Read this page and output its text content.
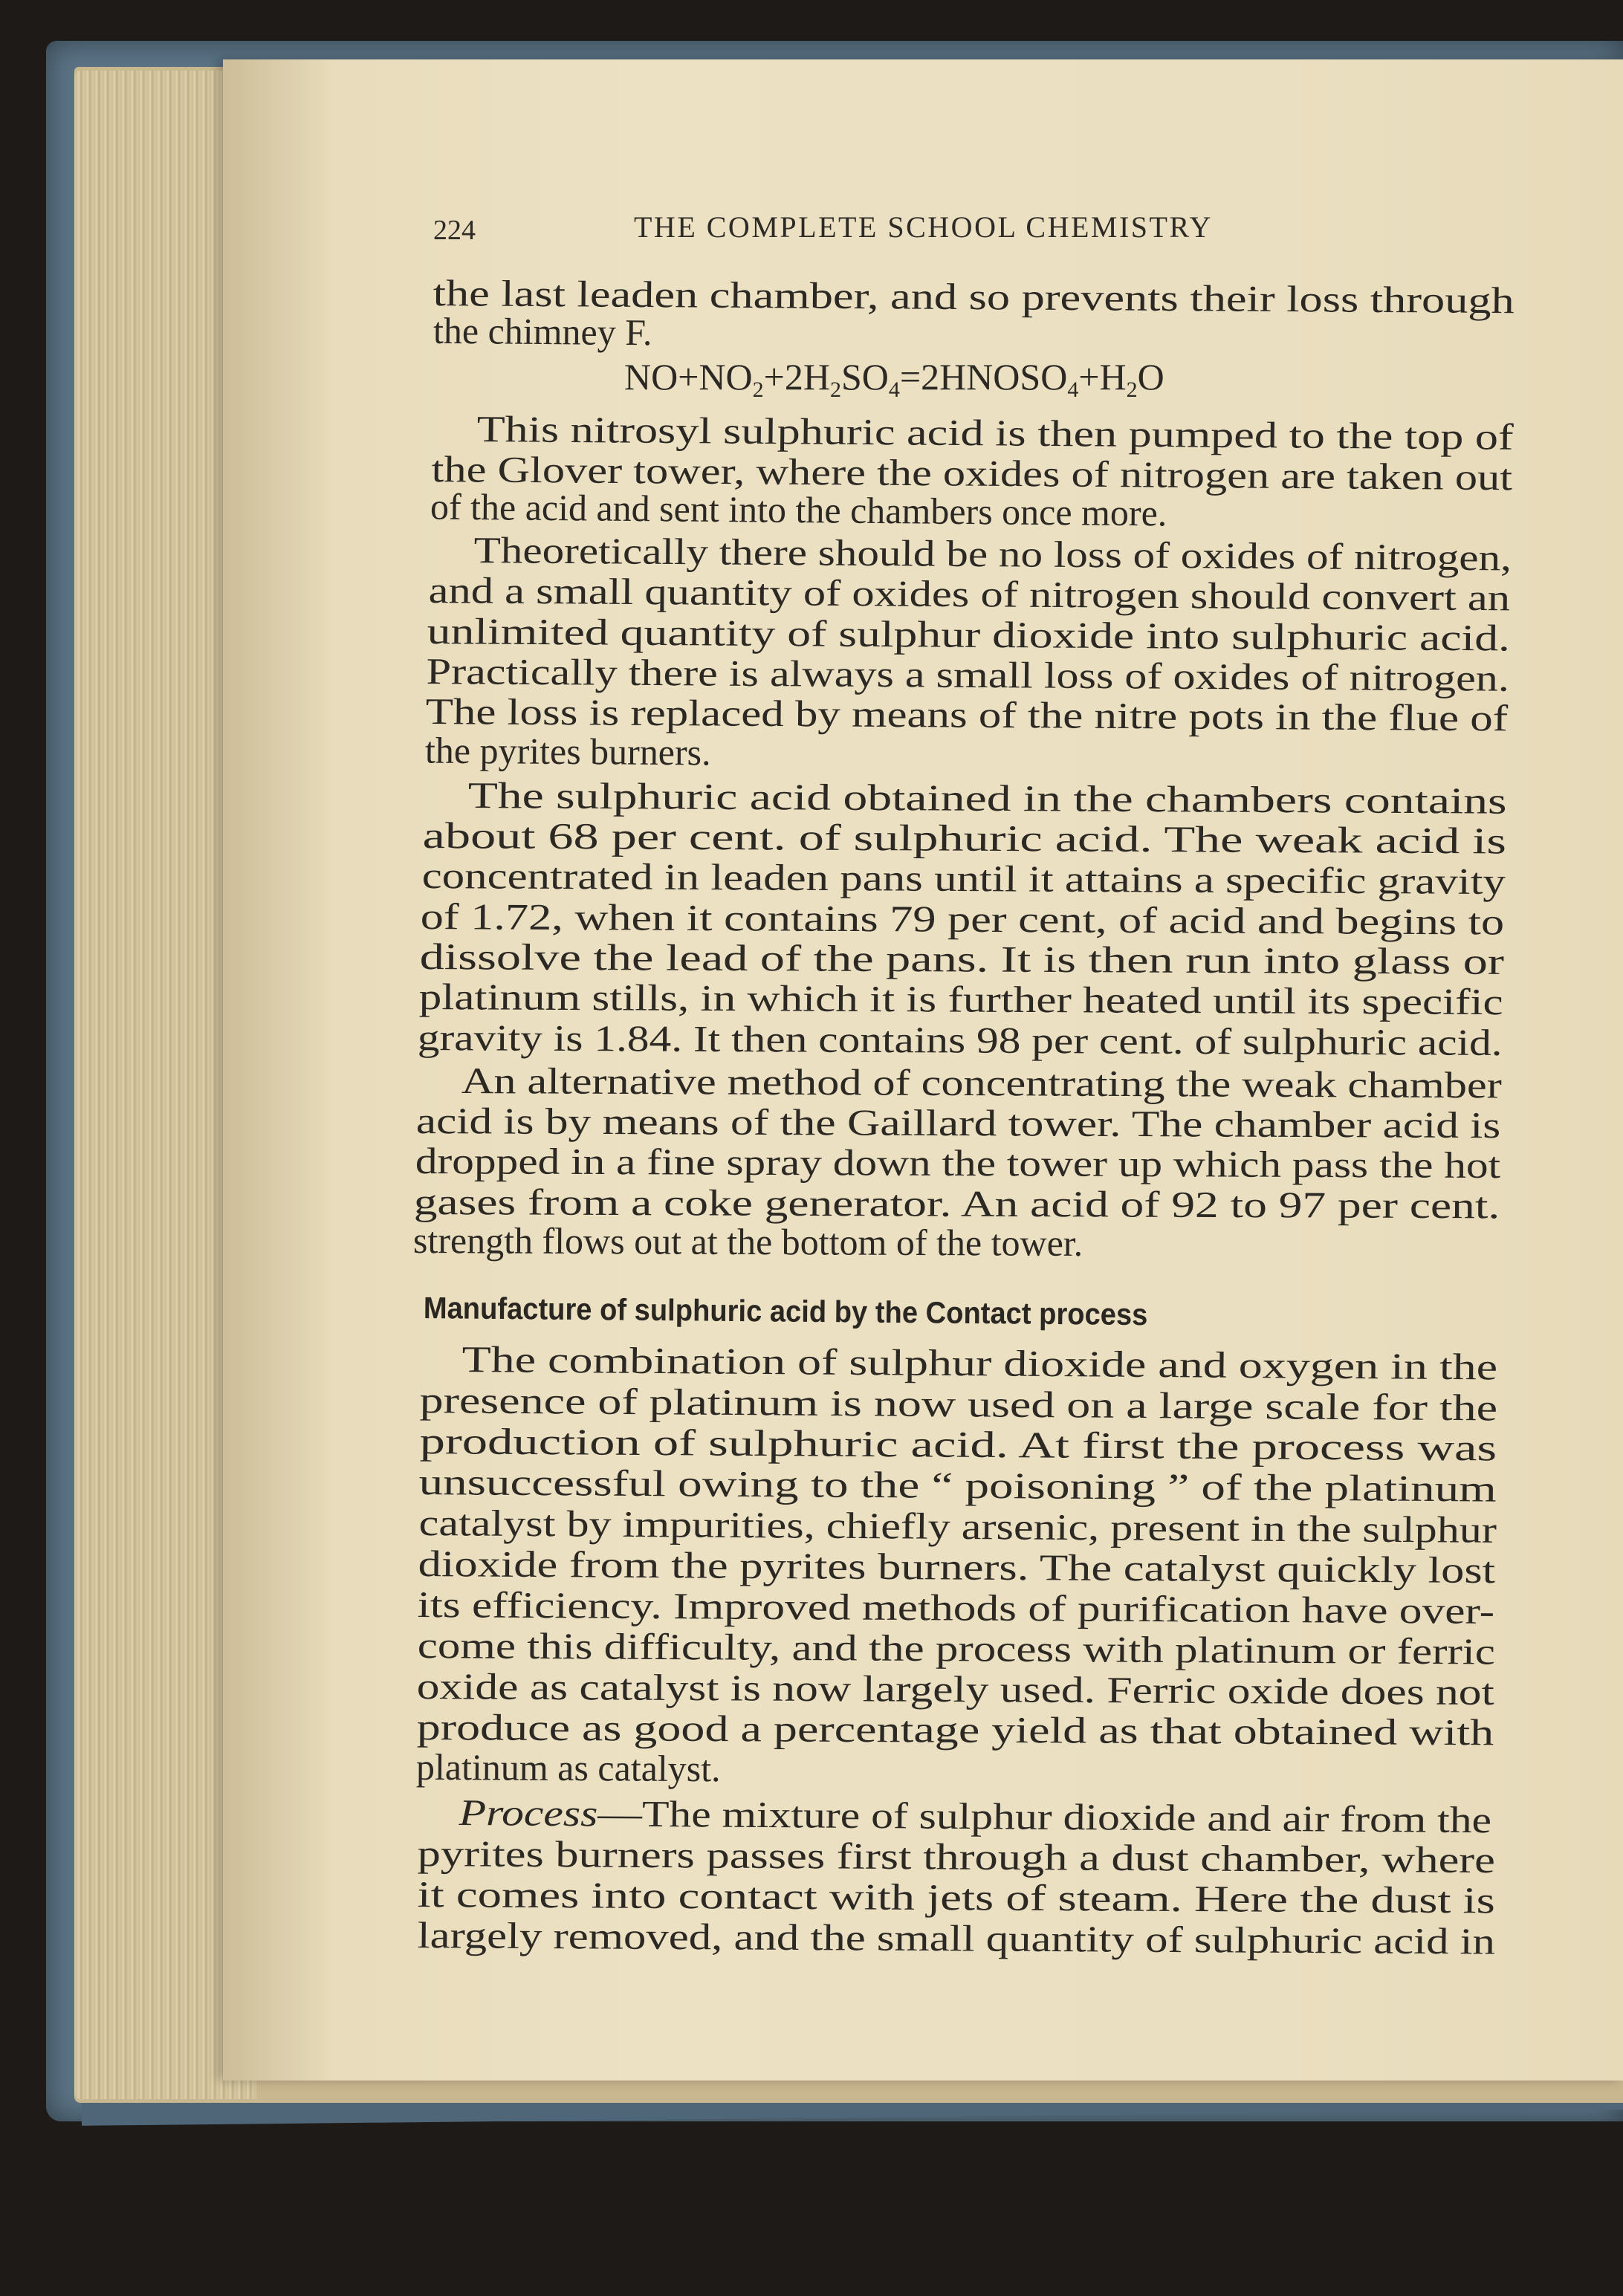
224	THE COMPLETE SCHOOL CHEMISTRY
the last leaden chamber, and so prevents their loss through
the chimney F.
$NO+NO_2+2H_2SO_4=2HNOSO_4+H_2O$
This nitrosyl sulphuric acid is then pumped to the top of
the Glover tower, where the oxides of nitrogen are taken out
of the acid and sent into the chambers once more.
Theoretically there should be no loss of oxides of nitrogen,
and a small quantity of oxides of nitrogen should convert an
unlimited quantity of sulphur dioxide into sulphuric acid.
Practically there is always a small loss of oxides of nitrogen.
The loss is replaced by means of the nitre pots in the flue of
the pyrites burners.
The sulphuric acid obtained in the chambers contains
about 68 per cent. of sulphuric acid. The weak acid is
concentrated in leaden pans until it attains a specific gravity
of 1.72, when it contains 79 per cent, of acid and begins to
dissolve the lead of the pans. It is then run into glass or
platinum stills, in which it is further heated until its specific
gravity is 1.84. It then contains 98 per cent. of sulphuric acid.
An alternative method of concentrating the weak chamber
acid is by means of the Gaillard tower. The chamber acid is
dropped in a fine spray down the tower up which pass the hot
gases from a coke generator. An acid of 92 to 97 per cent.
strength flows out at the bottom of the tower.
Manufacture of sulphuric acid by the Contact process
The combination of sulphur dioxide and oxygen in the
presence of platinum is now used on a large scale for the
production of sulphuric acid. At first the process was
unsuccessful owing to the “ poisoning ” of the platinum
catalyst by impurities, chiefly arsenic, present in the sulphur
dioxide from the pyrites burners. The catalyst quickly lost
its efficiency. Improved methods of purification have over-
come this difficulty, and the process with platinum or ferric
oxide as catalyst is now largely used. Ferric oxide does not
produce as good a percentage yield as that obtained with
platinum as catalyst.
Process—The mixture of sulphur dioxide and air from the
pyrites burners passes first through a dust chamber, where
it comes into contact with jets of steam. Here the dust is
largely removed, and the small quantity of sulphuric acid in
